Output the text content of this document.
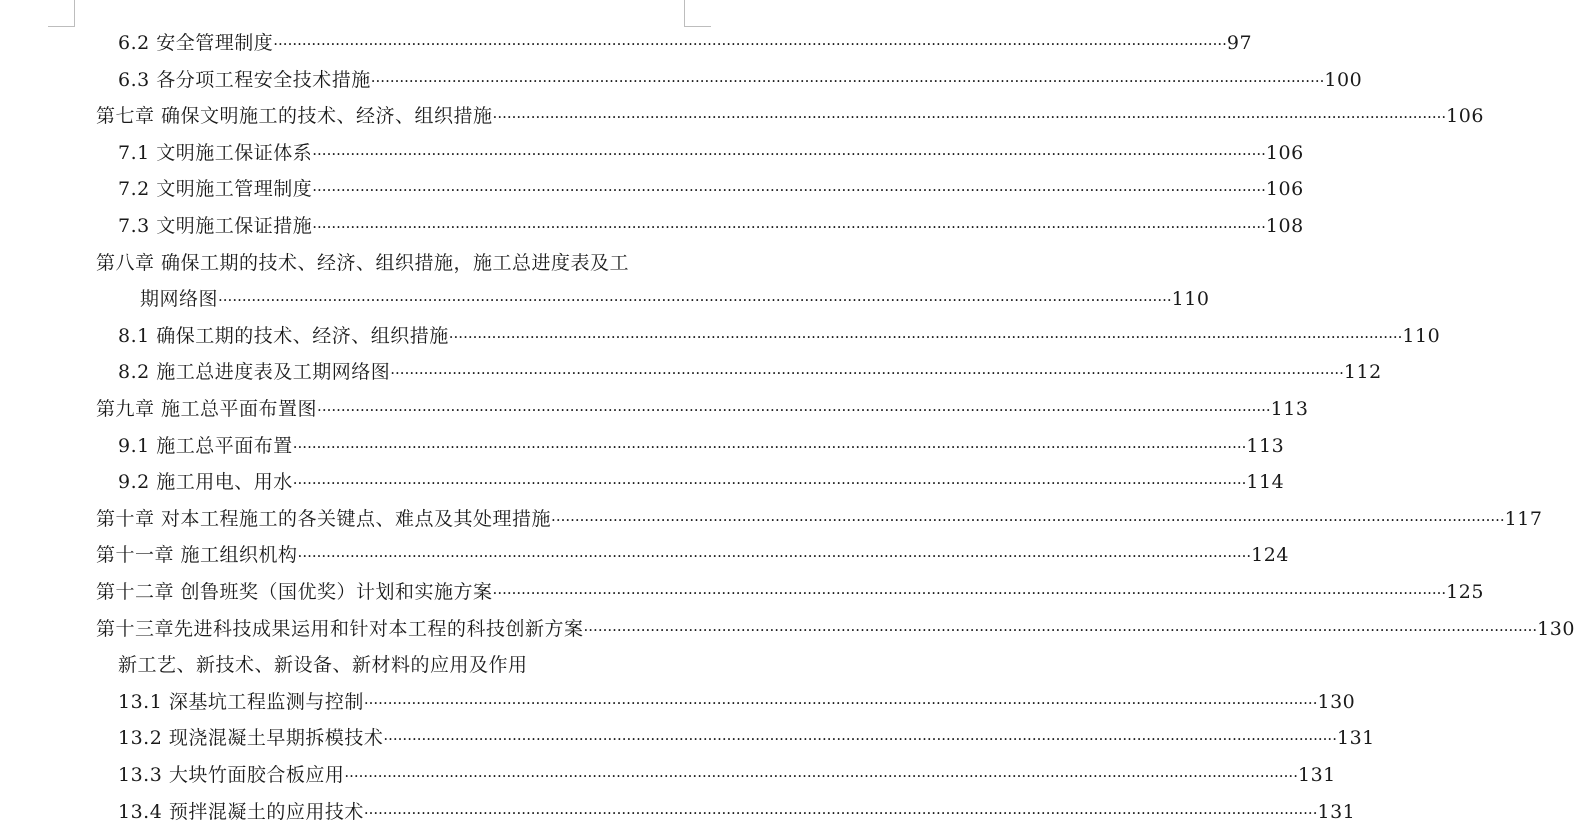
6.2 安全管理制度 ········································································································································································································ 97
6.3 各分项工程安全技术措施 ········································································································································································································ 100
第七章 确保文明施工的技术、经济、组织措施 ········································································································································································································ 106
7.1 文明施工保证体系 ········································································································································································································ 106
7.2 文明施工管理制度 ········································································································································································································ 106
7.3 文明施工保证措施 ········································································································································································································ 108
第八章 确保工期的技术、经济、组织措施，施工总进度表及工
期网络图 ········································································································································································································ 110
8.1 确保工期的技术、经济、组织措施 ········································································································································································································ 110
8.2 施工总进度表及工期网络图 ········································································································································································································ 112
第九章 施工总平面布置图 ········································································································································································································ 113
9.1 施工总平面布置 ········································································································································································································ 113
9.2 施工用电、用水 ········································································································································································································ 114
第十章 对本工程施工的各关键点、难点及其处理措施 ········································································································································································································ 117
第十一章 施工组织机构 ········································································································································································································ 124
第十二章 创鲁班奖（国优奖）计划和实施方案 ········································································································································································································ 125
第十三章先进科技成果运用和针对本工程的科技创新方案 ········································································································································································································ 130
新工艺、新技术、新设备、新材料的应用及作用
13.1 深基坑工程监测与控制 ········································································································································································································ 130
13.2 现浇混凝土早期拆模技术 ········································································································································································································ 131
13.3 大块竹面胶合板应用 ········································································································································································································ 131
13.4 预拌混凝土的应用技术 ········································································································································································································ 131
